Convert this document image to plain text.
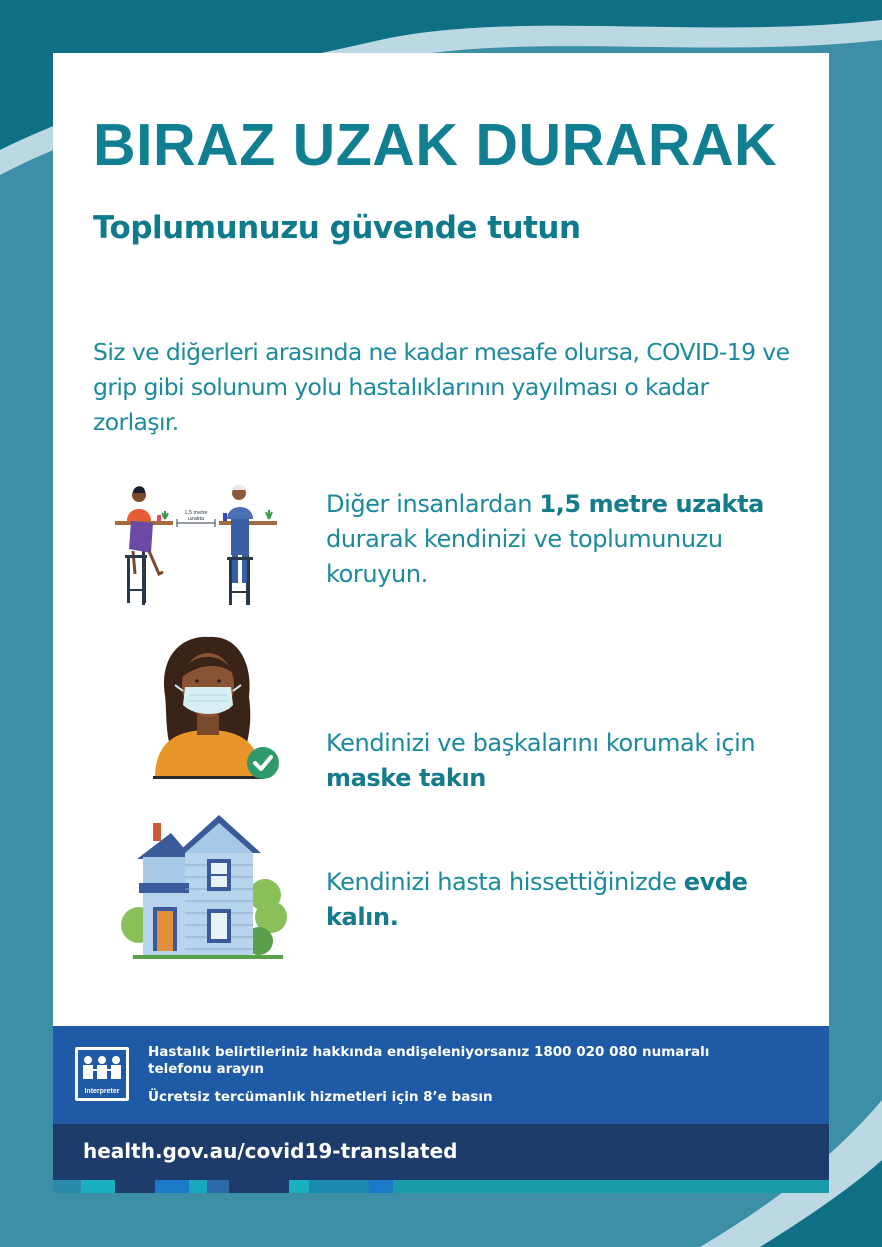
BIRAZ UZAK DURARAK
Toplumunuzu güvende tutun

Siz ve diğerleri arasında ne kadar mesafe olursa, COVID-19 ve grip gibi solunum yolu hastalıklarının yayılması o kadar zorlaşır.

1,5 metre
uzakta

Diğer insanlardan 1,5 metre uzakta durarak kendinizi ve toplumunuzu koruyun.

Kendinizi ve başkalarını korumak için maske takın

Kendinizi hasta hissettiğinizde evde kalın.

Interpreter

Hastalık belirtileriniz hakkında endişeleniyorsanız 1800 020 080 numaralı telefonu arayın

Ücretsiz tercümanlık hizmetleri için 8’e basın

health.gov.au/covid19-translated
